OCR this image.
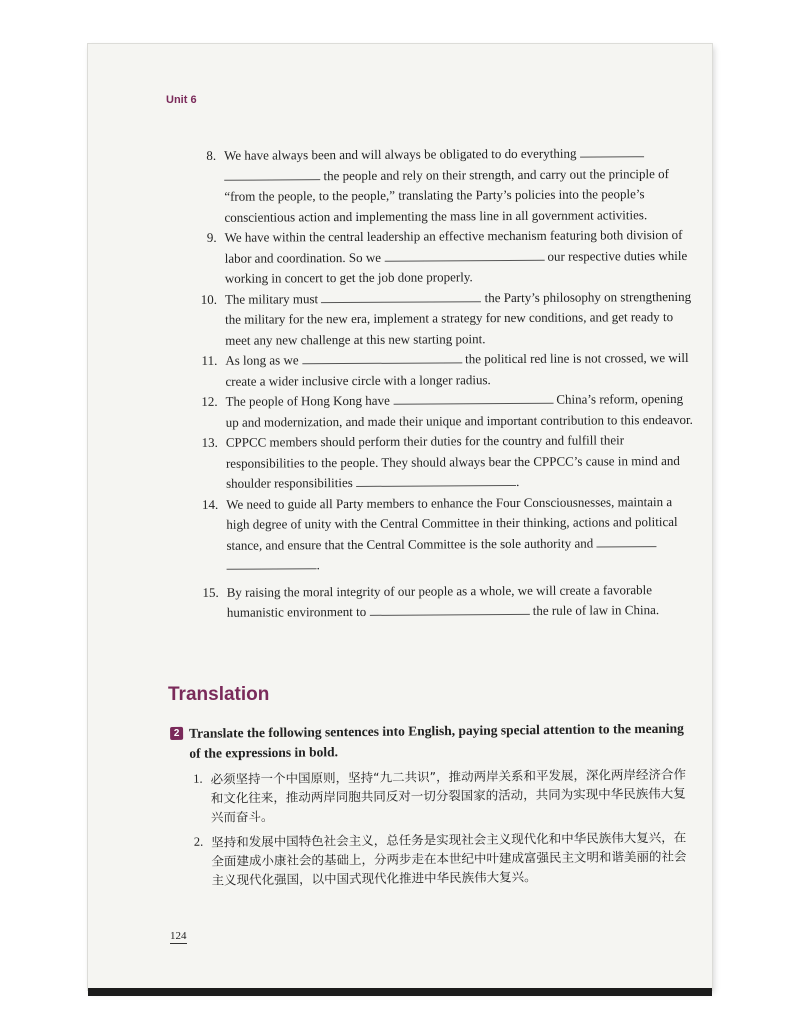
Unit 6
8. We have always been and will always be obligated to do everything
the people and rely on their strength, and carry out the principle of “from the people, to the people,” translating the Party’s policies into the people’s conscientious action and implementing the mass line in all government activities.
9. We have within the central leadership an effective mechanism featuring both division of labor and coordination. So we	our respective duties while working in concert to get the job done properly.
10. The military must	the Party’s philosophy on strengthening the military for the new era, implement a strategy for new conditions, and get ready to meet any new challenge at this new starting point.
11. As long as we	the political red line is not crossed, we will create a wider inclusive circle with a longer radius.
12. The people of Hong Kong have	China’s reform, opening up and modernization, and made their unique and important contribution to this endeavor.
13. CPPCC members should perform their duties for the country and fulfill their responsibilities to the people. They should always bear the CPPCC’s cause in mind and shoulder responsibilities	.
14. We need to guide all Party members to enhance the Four Consciousnesses, maintain a high degree of unity with the Central Committee in their thinking, actions and political stance, and ensure that the Central Committee is the sole authority and
.
15. By raising the moral integrity of our people as a whole, we will create a favorable humanistic environment to	the rule of law in China.
Translation
2 Translate the following sentences into English, paying special attention to the meaning of the expressions in bold.
1. 必须坚持一个中国原则，坚持“九二共识”，推动两岸关系和平发展，深化两岸经济合作和文化往来，推动两岸同胞共同反对一切分裂国家的活动，共同为实现中华民族伟大复兴而奋斗。
2. 坚持和发展中国特色社会主义，总任务是实现社会主义现代化和中华民族伟大复兴，在全面建成小康社会的基础上，分两步走在本世纪中叶建成富强民主文明和谐美丽的社会主义现代化强国，以中国式现代化推进中华民族伟大复兴。
124
